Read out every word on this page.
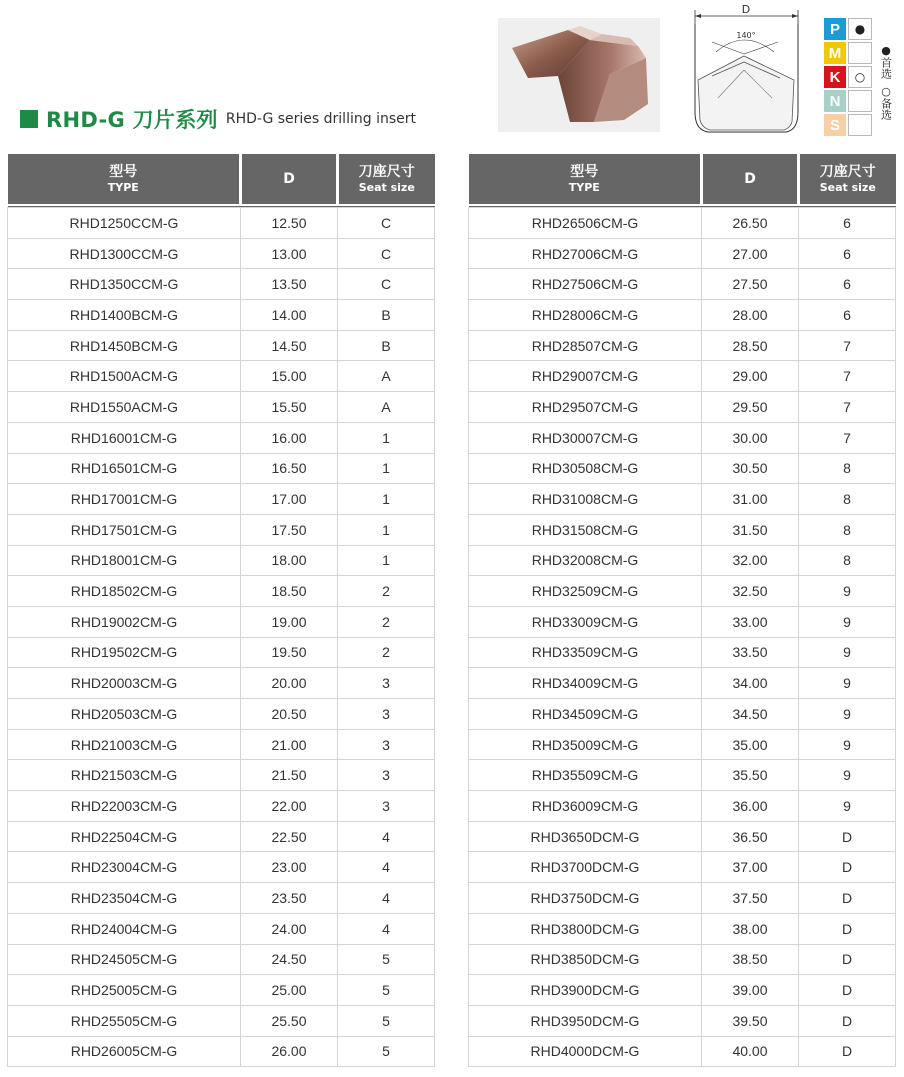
RHD-G 刀片系列 RHD-G series drilling insert
D
140°	P	●
M
K	○
N
S
●
首选
○
备选
型号
TYPE	D	刀座尺寸
Seat size

RHD1250CCM-G	12.50	C
RHD1300CCM-G	13.00	C
RHD1350CCM-G	13.50	C
RHD1400BCM-G	14.00	B
RHD1450BCM-G	14.50	B
RHD1500ACM-G	15.00	A
RHD1550ACM-G	15.50	A
RHD16001CM-G	16.00	1
RHD16501CM-G	16.50	1
RHD17001CM-G	17.00	1
RHD17501CM-G	17.50	1
RHD18001CM-G	18.00	1
RHD18502CM-G	18.50	2
RHD19002CM-G	19.00	2
RHD19502CM-G	19.50	2
RHD20003CM-G	20.00	3
RHD20503CM-G	20.50	3
RHD21003CM-G	21.00	3
RHD21503CM-G	21.50	3
RHD22003CM-G	22.00	3
RHD22504CM-G	22.50	4
RHD23004CM-G	23.00	4
RHD23504CM-G	23.50	4
RHD24004CM-G	24.00	4
RHD24505CM-G	24.50	5
RHD25005CM-G	25.00	5
RHD25505CM-G	25.50	5
RHD26005CM-G	26.00	5
型号
TYPE	D	刀座尺寸
Seat size

RHD26506CM-G	26.50	6
RHD27006CM-G	27.00	6
RHD27506CM-G	27.50	6
RHD28006CM-G	28.00	6
RHD28507CM-G	28.50	7
RHD29007CM-G	29.00	7
RHD29507CM-G	29.50	7
RHD30007CM-G	30.00	7
RHD30508CM-G	30.50	8
RHD31008CM-G	31.00	8
RHD31508CM-G	31.50	8
RHD32008CM-G	32.00	8
RHD32509CM-G	32.50	9
RHD33009CM-G	33.00	9
RHD33509CM-G	33.50	9
RHD34009CM-G	34.00	9
RHD34509CM-G	34.50	9
RHD35009CM-G	35.00	9
RHD35509CM-G	35.50	9
RHD36009CM-G	36.00	9
RHD3650DCM-G	36.50	D
RHD3700DCM-G	37.00	D
RHD3750DCM-G	37.50	D
RHD3800DCM-G	38.00	D
RHD3850DCM-G	38.50	D
RHD3900DCM-G	39.00	D
RHD3950DCM-G	39.50	D
RHD4000DCM-G	40.00	D
